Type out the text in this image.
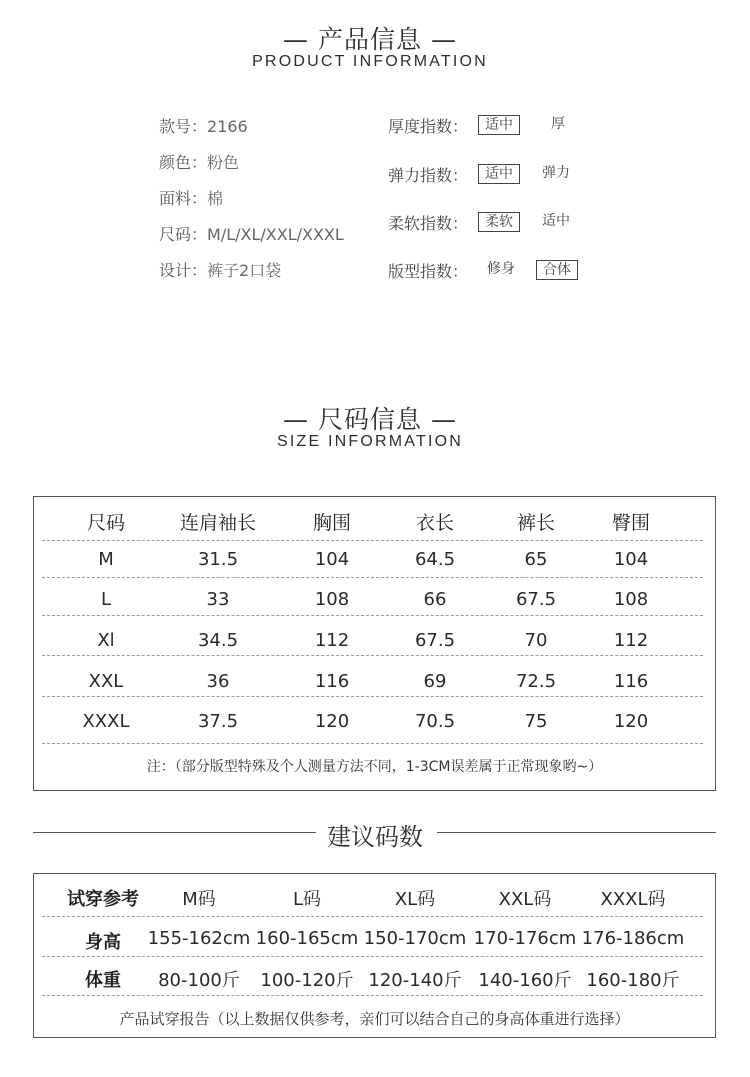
— 产品信息 —
PRODUCT INFORMATION
款号：2166
颜色：粉色
面料：棉
尺码：M/L/XL/XXL/XXXL
设计：裤子2口袋
厚度指数：	适中	厚
弹力指数：	适中	弹力
柔软指数：	柔软	适中
版型指数： 修身	合体
— 尺码信息 —
SIZE INFORMATION
尺码	连肩袖长	胸围	衣长	裤长	臀围
M	31.5	104	64.5	65	104
L	33	108	66	67.5	108
Xl	34.5	112	67.5	70	112
XXL	36	116	69	72.5	116
XXXL	37.5	120	70.5	75	120
注：（部分版型特殊及个人测量方法不同，1-3CM误差属于正常现象哟~）
建议码数
试穿参考	M码	L码	XL码	XXL码	XXXL码
身高	155-162cm 160-165cm 150-170cm 170-176cm 176-186cm
体重	80-100斤	100-120斤 120-140斤 140-160斤 160-180斤
产品试穿报告（以上数据仅供参考，亲们可以结合自己的身高体重进行选择）
